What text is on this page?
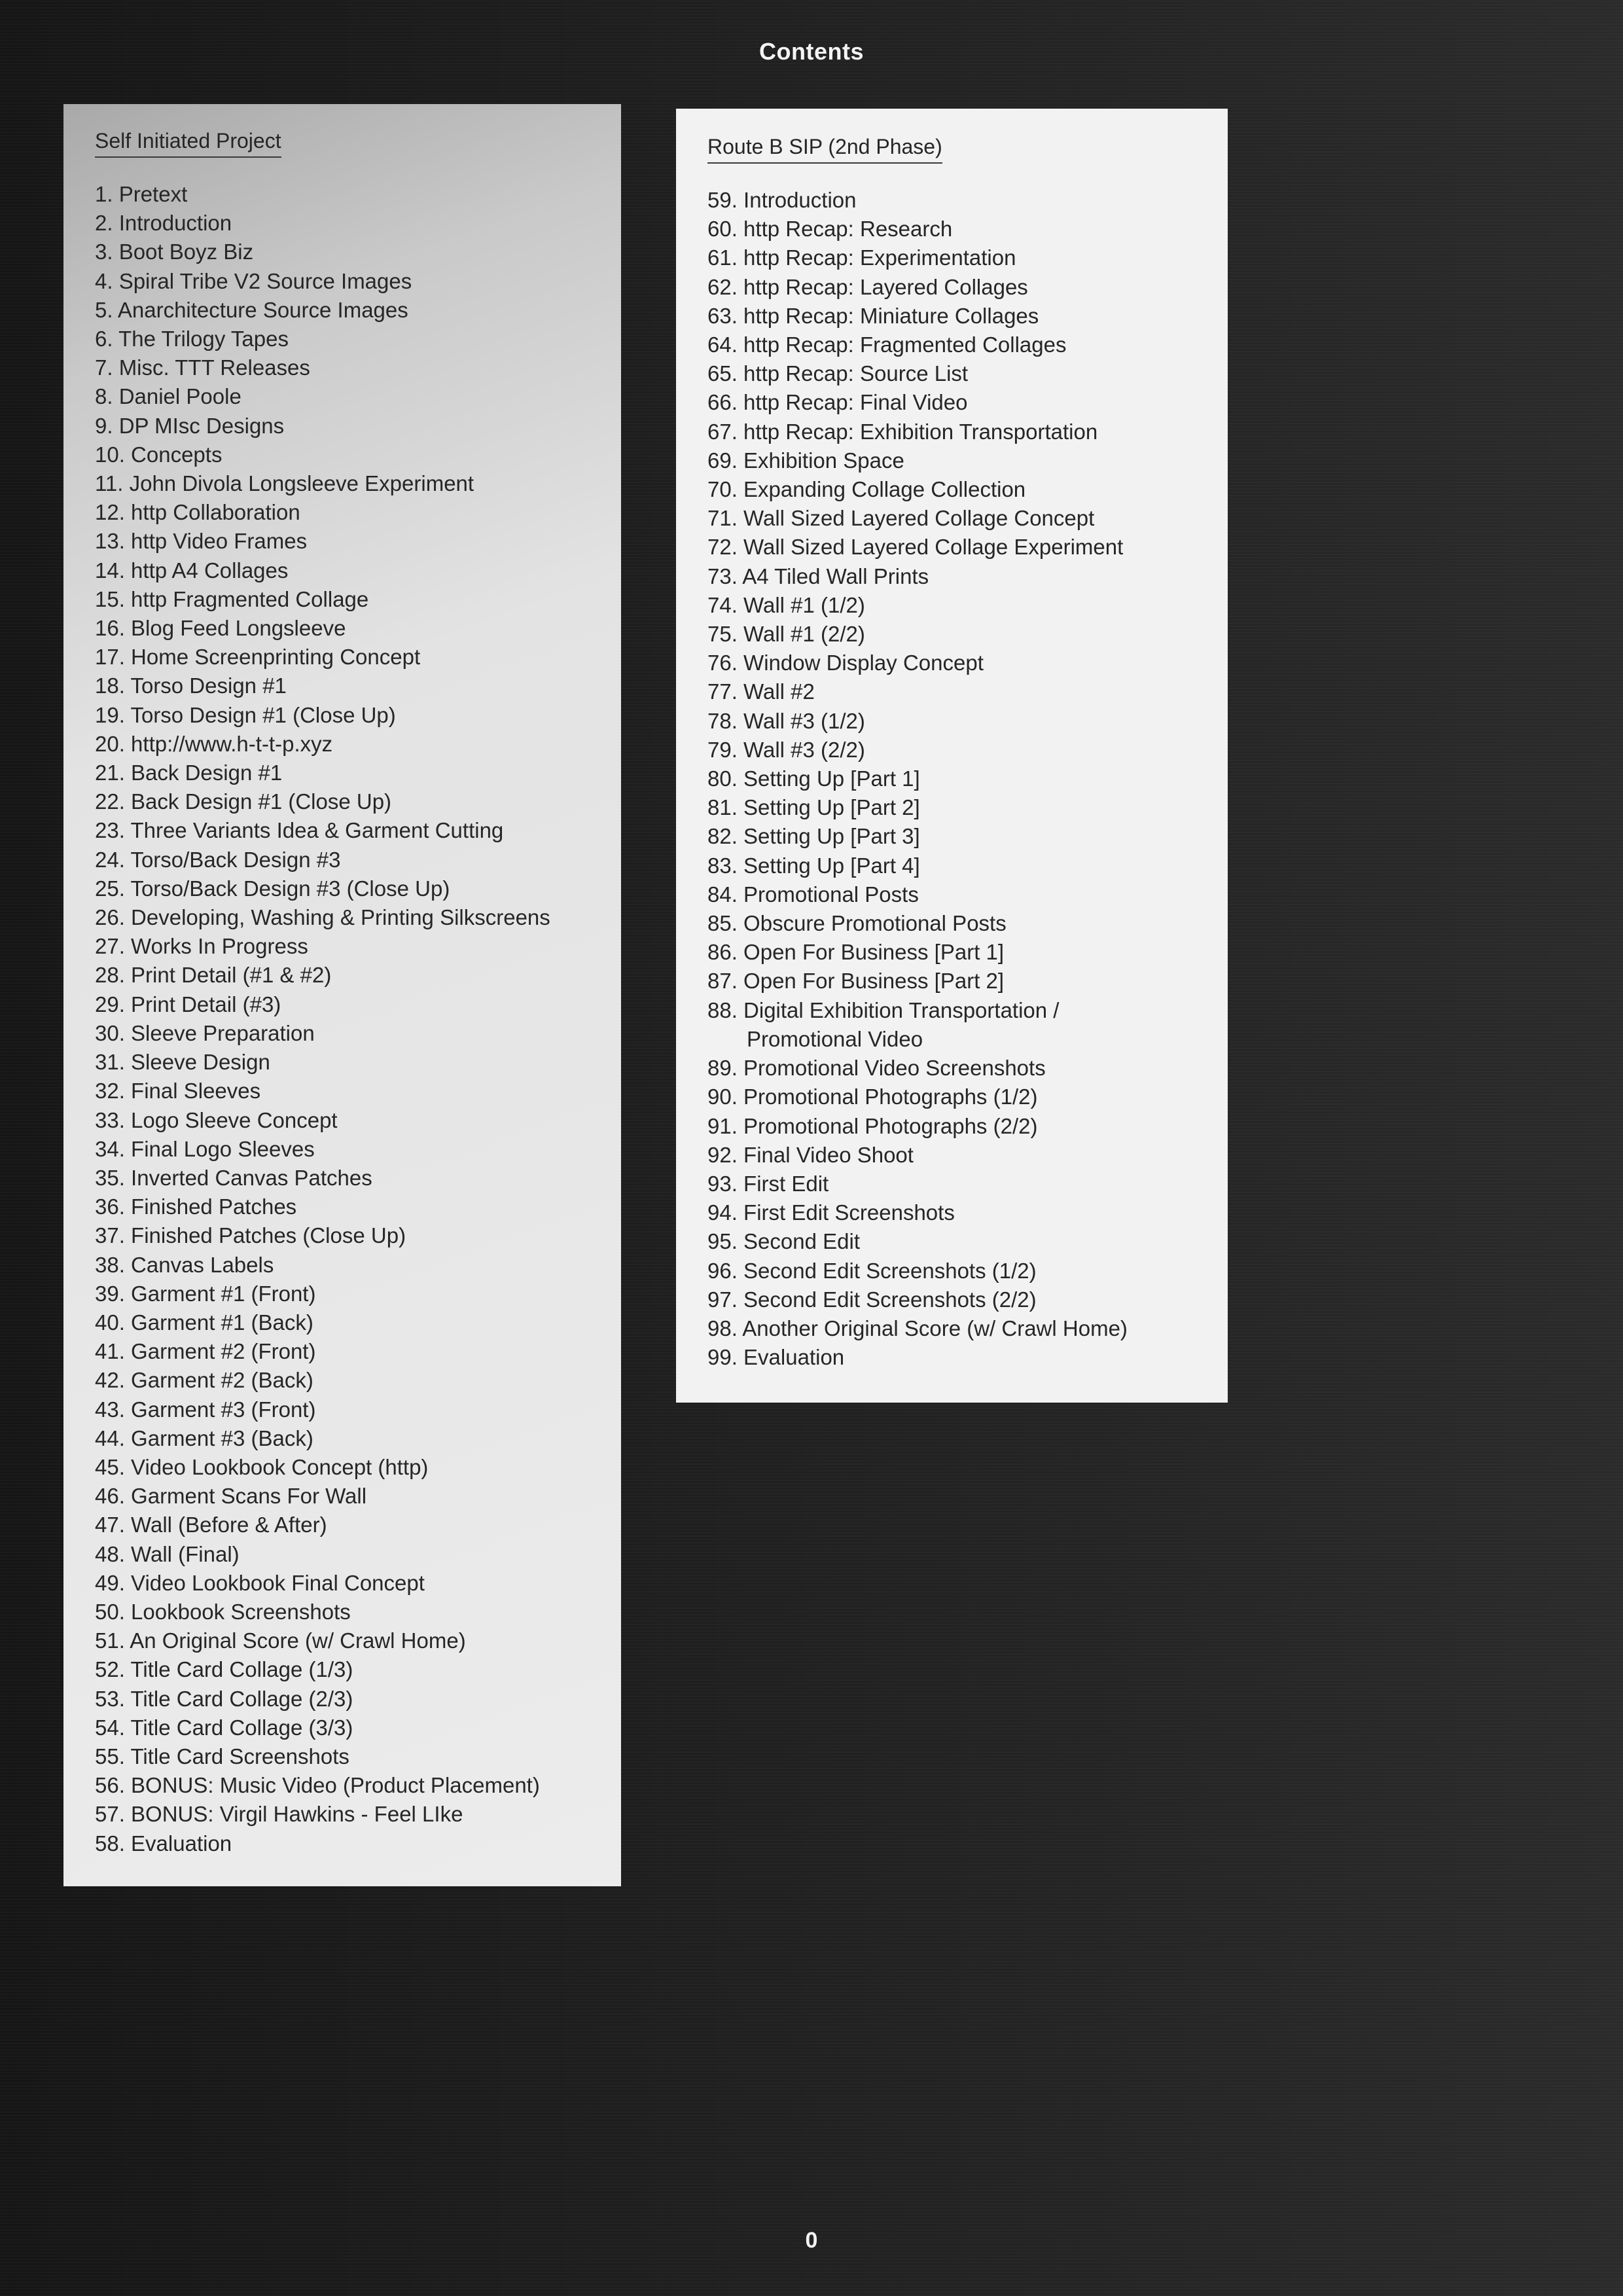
Contents
Self Initiated Project
1. Pretext
2. Introduction
3. Boot Boyz Biz
4. Spiral Tribe V2 Source Images
5. Anarchitecture Source Images
6. The Trilogy Tapes
7. Misc. TTT Releases
8. Daniel Poole
9. DP MIsc Designs
10. Concepts
11. John Divola Longsleeve Experiment
12. http Collaboration
13. http Video Frames
14. http A4 Collages
15. http Fragmented Collage
16. Blog Feed Longsleeve
17. Home Screenprinting Concept
18. Torso Design #1
19. Torso Design #1 (Close Up)
20. http://www.h-t-t-p.xyz
21. Back Design #1
22. Back Design #1 (Close Up)
23. Three Variants Idea & Garment Cutting
24. Torso/Back Design #3
25. Torso/Back Design #3 (Close Up)
26. Developing, Washing & Printing Silkscreens
27. Works In Progress
28. Print Detail (#1 & #2)
29. Print Detail (#3)
30. Sleeve Preparation
31. Sleeve Design
32. Final Sleeves
33. Logo Sleeve Concept
34. Final Logo Sleeves
35. Inverted Canvas Patches
36. Finished Patches
37. Finished Patches (Close Up)
38. Canvas Labels
39. Garment #1 (Front)
40. Garment #1 (Back)
41. Garment #2 (Front)
42. Garment #2 (Back)
43. Garment #3 (Front)
44. Garment #3 (Back)
45. Video Lookbook Concept (http)
46. Garment Scans For Wall
47. Wall (Before & After)
48. Wall (Final)
49. Video Lookbook Final Concept
50. Lookbook Screenshots
51. An Original Score (w/ Crawl Home)
52. Title Card Collage (1/3)
53. Title Card Collage (2/3)
54. Title Card Collage (3/3)
55. Title Card Screenshots
56. BONUS: Music Video (Product Placement)
57. BONUS: Virgil Hawkins - Feel LIke
58. Evaluation
Route B SIP (2nd Phase)
59. Introduction
60. http Recap: Research
61. http Recap: Experimentation
62. http Recap: Layered Collages
63. http Recap: Miniature Collages
64. http Recap: Fragmented Collages
65. http Recap: Source List
66. http Recap: Final Video
67. http Recap: Exhibition Transportation
69. Exhibition Space
70. Expanding Collage Collection
71. Wall Sized Layered Collage Concept
72. Wall Sized Layered Collage Experiment
73. A4 Tiled Wall Prints
74. Wall #1 (1/2)
75. Wall #1 (2/2)
76. Window Display Concept
77. Wall #2
78. Wall #3 (1/2)
79. Wall #3 (2/2)
80. Setting Up [Part 1]
81. Setting Up [Part 2]
82. Setting Up [Part 3]
83. Setting Up [Part 4]
84. Promotional Posts
85. Obscure Promotional Posts
86. Open For Business [Part 1]
87. Open For Business [Part 2]
88. Digital Exhibition Transportation /
Promotional Video
89. Promotional Video Screenshots
90. Promotional Photographs (1/2)
91. Promotional Photographs (2/2)
92. Final Video Shoot
93. First Edit
94. First Edit Screenshots
95. Second Edit
96. Second Edit Screenshots (1/2)
97. Second Edit Screenshots (2/2)
98. Another Original Score (w/ Crawl Home)
99. Evaluation
0
